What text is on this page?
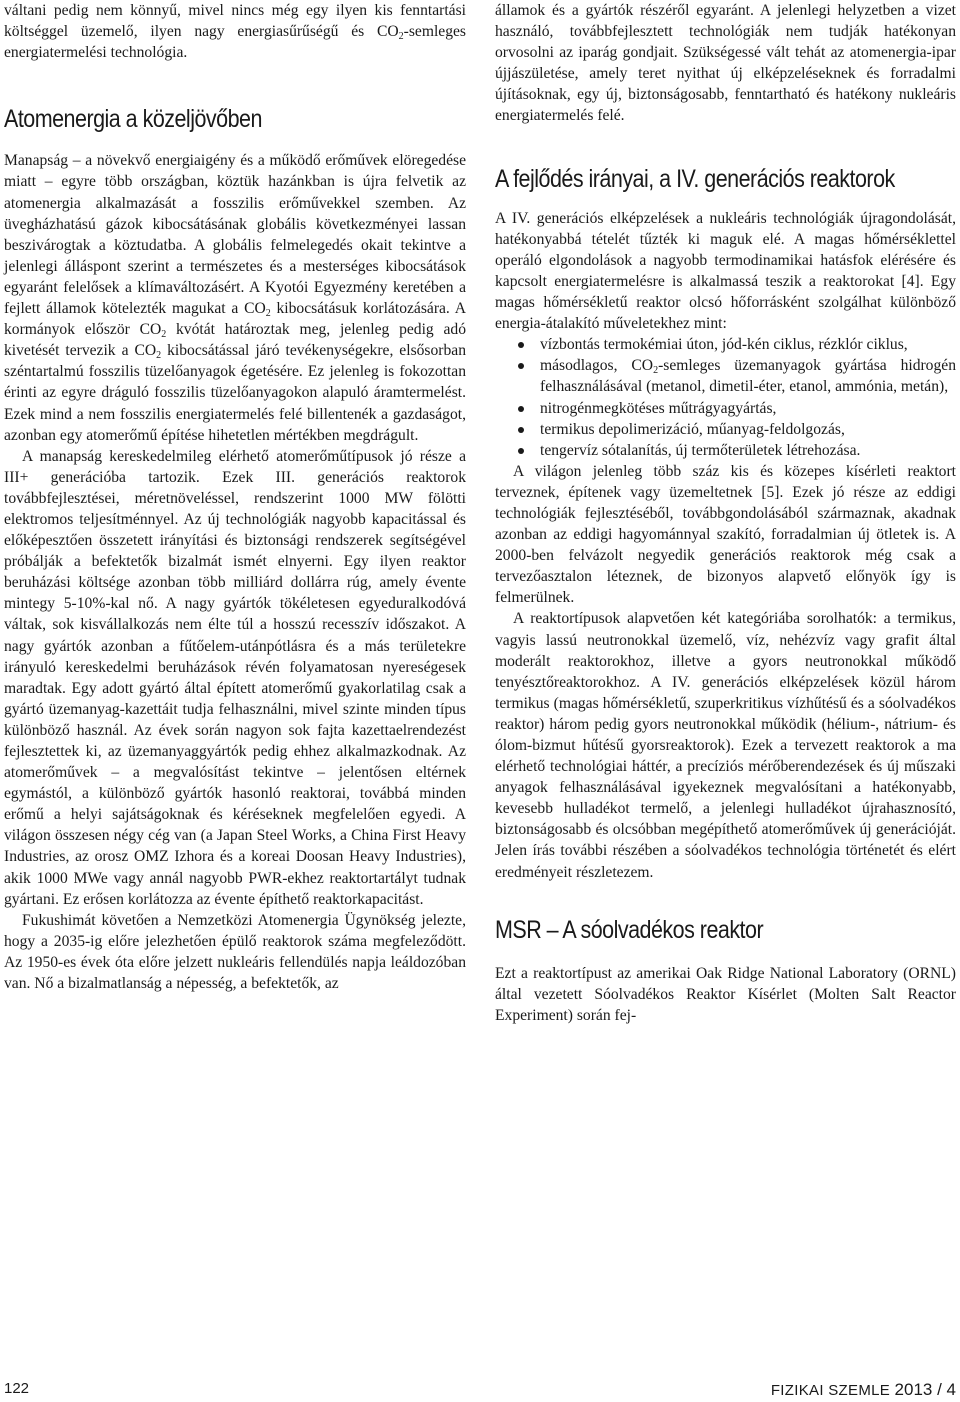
váltani pedig nem könnyű, mivel nincs még egy ilyen kis fenntartási költséggel üzemelő, ilyen nagy energiasűrűségű és $CO_2$-semleges energiatermelési technológia.

Atomenergia a közeljövőben

Manapság – a növekvő energiaigény és a működő erőművek elöregedése miatt – egyre több országban, köztük hazánkban is újra felvetik az atomenergia alkalmazását a fosszilis erőművekkel szemben. Az üvegházhatású gázok kibocsátásának globális következményei lassan beszivárogtak a köztudatba. A globális felmelegedés okait tekintve a jelenlegi álláspont szerint a természetes és a mesterséges kibocsátások egyaránt felelősek a klímaváltozásért. A Kyotói Egyezmény keretében a fejlett államok kötelezték magukat a $CO_2$ kibocsátásuk korlátozására. A kormányok először $CO_2$ kvótát határoztak meg, jelenleg pedig adó kivetését tervezik a $CO_2$ kibocsátással járó tevékenységekre, elsősorban széntartalmú fosszilis tüzelőanyagok égetésére. Ez jelenleg is fokozottan érinti az egyre dráguló fosszilis tüzelőanyagokon alapuló áramtermelést. Ezek mind a nem fosszilis energiatermelés felé billentenék a gazdaságot, azonban egy atomerőmű építése hihetetlen mértékben megdrágult.

A manapság kereskedelmileg elérhető atomerőműtípusok jó része a III+ generációba tartozik. Ezek III. generációs reaktorok továbbfejlesztései, méretnöveléssel, rendszerint 1000 MW fölötti elektromos teljesítménnyel. Az új technológiák nagyobb kapacitással és előképesztően összetett irányítási és biztonsági rendszerek segítségével próbálják a befektetők bizalmát ismét elnyerni. Egy ilyen reaktor beruházási költsége azonban több milliárd dollárra rúg, amely évente mintegy 5-10%-kal nő. A nagy gyártók tökéletesen egyeduralkodóvá váltak, sok kisvállalkozás nem élte túl a hosszú recesszív időszakot. A nagy gyártók azonban a fűtőelem-utánpótlásra és a más területekre irányuló kereskedelmi beruházások révén folyamatosan nyereségesek maradtak. Egy adott gyártó által épített atomerőmű gyakorlatilag csak a gyártó üzemanyag-kazettáit tudja felhasználni, mivel szinte minden típus különböző használ. Az évek során nagyon sok fajta kazettaelrendezést fejlesztettek ki, az üzemanyaggyártók pedig ehhez alkalmazkodnak. Az atomerőművek – a megvalósítást tekintve – jelentősen eltérnek egymástól, a különböző gyártók hasonló reaktorai, továbbá minden erőmű a helyi sajátságoknak és kéréseknek megfelelően egyedi. A világon összesen négy cég van (a Japan Steel Works, a China First Heavy Industries, az orosz OMZ Izhora és a koreai Doosan Heavy Industries), akik 1000 MWe vagy annál nagyobb PWR-ekhez reaktortartályt tudnak gyártani. Ez erősen korlátozza az évente építhető reaktorkapacitást.

Fukushimát követően a Nemzetközi Atomenergia Ügynökség jelezte, hogy a 2035-ig előre jelezhetően épülő reaktorok száma megfeleződött. Az 1950-es évek óta előre jelzett nukleáris fellendülés napja leáldozóban van. Nő a bizalmatlanság a népesség, a befektetők, az

államok és a gyártók részéről egyaránt. A jelenlegi helyzetben a vizet használó, továbbfejlesztett technológiák nem tudják hatékonyan orvosolni az iparág gondjait. Szükségessé vált tehát az atomenergia-ipar újjászületése, amely teret nyithat új elképzeléseknek és forradalmi újításoknak, egy új, biztonságosabb, fenntartható és hatékony nukleáris energiatermelés felé.

A fejlődés irányai, a IV. generációs reaktorok

A IV. generációs elképzelések a nukleáris technológiák újragondolását, hatékonyabbá tételét tűzték ki maguk elé. A magas hőmérséklettel operáló elgondolások a nagyobb termodinamikai hatásfok elérésére és kapcsolt energiatermelésre is alkalmassá teszik a reaktorokat [4]. Egy magas hőmérsékletű reaktor olcsó hőforrásként szolgálhat különböző energia-átalakító műveletekhez mint:

vízbontás termokémiai úton, jód-kén ciklus, rézklór ciklus,
másodlagos, $CO_2$-semleges üzemanyagok gyártása hidrogén felhasználásával (metanol, dimetil-éter, etanol, ammónia, metán),
nitrogénmegkötéses műtrágyagyártás,
termikus depolimerizáció, műanyag-feldolgozás,
tengervíz sótalanítás, új termőterületek létrehozása.

A világon jelenleg több száz kis és közepes kísérleti reaktort terveznek, építenek vagy üzemeltetnek [5]. Ezek jó része az eddigi technológiák fejlesztéséből, továbbgondolásából származnak, akadnak azonban az eddigi hagyománnyal szakító, forradalmian új ötletek is. A 2000-ben felvázolt negyedik generációs reaktorok még csak a tervezőasztalon léteznek, de bizonyos alapvető előnyök így is felmerülnek.

A reaktortípusok alapvetően két kategóriába sorolhatók: a termikus, vagyis lassú neutronokkal üzemelő, víz, nehézvíz vagy grafit által moderált reaktorokhoz, illetve a gyors neutronokkal működő tenyésztőreaktorokhoz. A IV. generációs elképzelések közül három termikus (magas hőmérsékletű, szuperkritikus vízhűtésű és a sóolvadékos reaktor) három pedig gyors neutronokkal működik (hélium-, nátrium- és ólom-bizmut hűtésű gyorsreaktorok). Ezek a tervezett reaktorok a ma elérhető technológiai háttér, a precíziós mérőberendezések és új műszaki anyagok felhasználásával igyekeznek megvalósítani a hatékonyabb, kevesebb hulladékot termelő, a jelenlegi hulladékot újrahasznosító, biztonságosabb és olcsóbban megépíthető atomerőművek új generációját. Jelen írás további részében a sóolvadékos technológia történetét és elért eredményeit részletezem.

MSR – A sóolvadékos reaktor

Ezt a reaktortípust az amerikai Oak Ridge National Laboratory (ORNL) által vezetett Sóolvadékos Reaktor Kísérlet (Molten Salt Reactor Experiment) során fej-

122	FIZIKAI SZEMLE 2013 / 4
